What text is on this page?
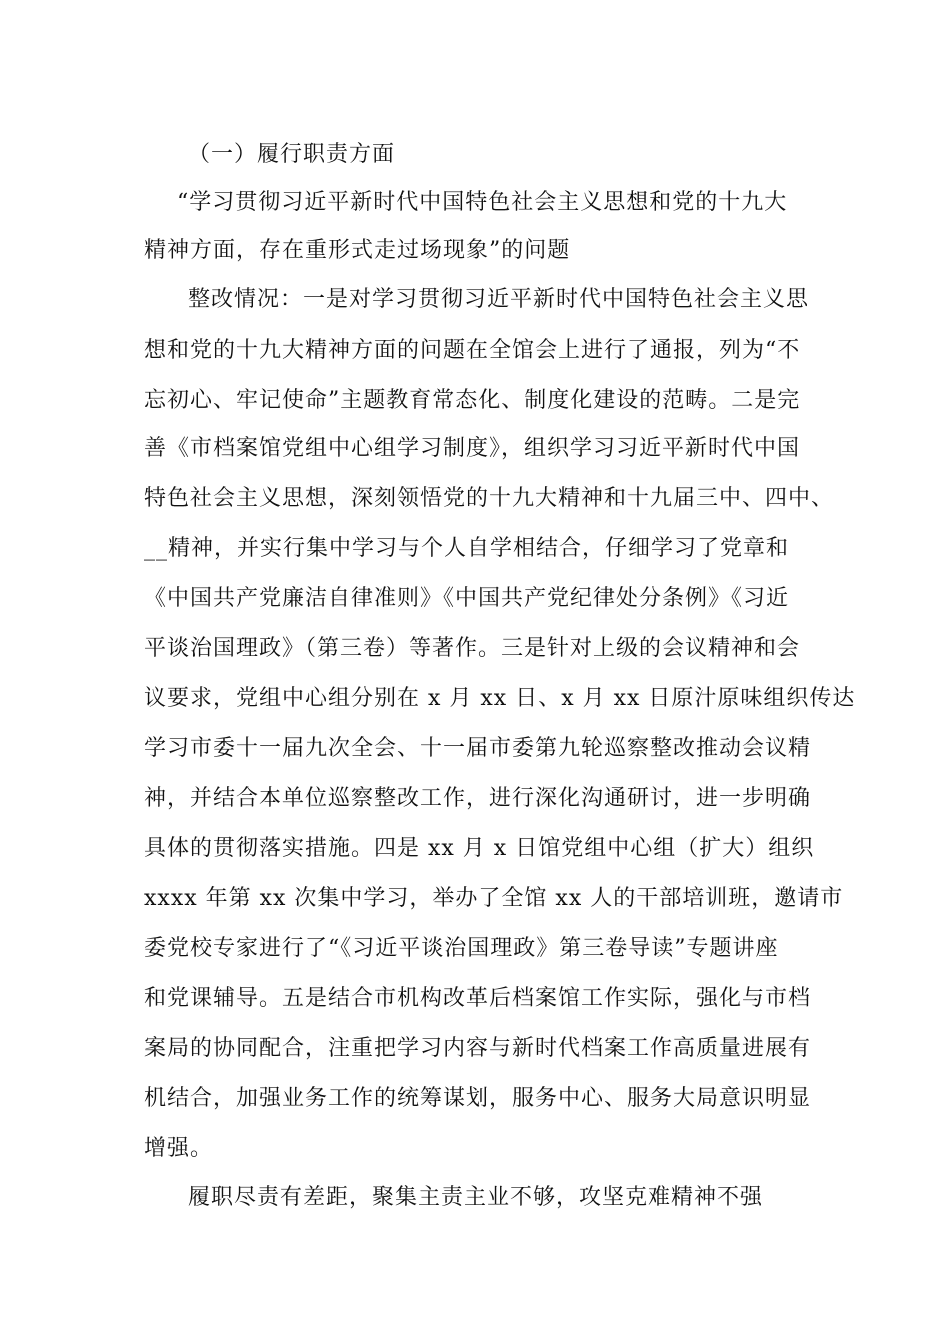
（一）履行职责方面
“学习贯彻习近平新时代中国特色社会主义思想和党的十九大
精神方面，存在重形式走过场现象”的问题
整改情况：一是对学习贯彻习近平新时代中国特色社会主义思
想和党的十九大精神方面的问题在全馆会上进行了通报，列为“不
忘初心、牢记使命”主题教育常态化、制度化建设的范畴。二是完
善《市档案馆党组中心组学习制度》，组织学习习近平新时代中国
特色社会主义思想，深刻领悟党的十九大精神和十九届三中、四中、
__精神，并实行集中学习与个人自学相结合，仔细学习了党章和
《中国共产党廉洁自律准则》《中国共产党纪律处分条例》《习近
平谈治国理政》（第三卷）等著作。三是针对上级的会议精神和会
议要求，党组中心组分别在 x 月 xx 日、x 月 xx 日原汁原味组织传达
学习市委十一届九次全会、十一届市委第九轮巡察整改推动会议精
神，并结合本单位巡察整改工作，进行深化沟通研讨，进一步明确
具体的贯彻落实措施。四是 xx 月 x 日馆党组中心组（扩大）组织
xxxx 年第 xx 次集中学习，举办了全馆 xx 人的干部培训班，邀请市
委党校专家进行了“《习近平谈治国理政》第三卷导读”专题讲座
和党课辅导。五是结合市机构改革后档案馆工作实际，强化与市档
案局的协同配合，注重把学习内容与新时代档案工作高质量进展有
机结合，加强业务工作的统筹谋划，服务中心、服务大局意识明显
增强。
履职尽责有差距，聚集主责主业不够，攻坚克难精神不强
